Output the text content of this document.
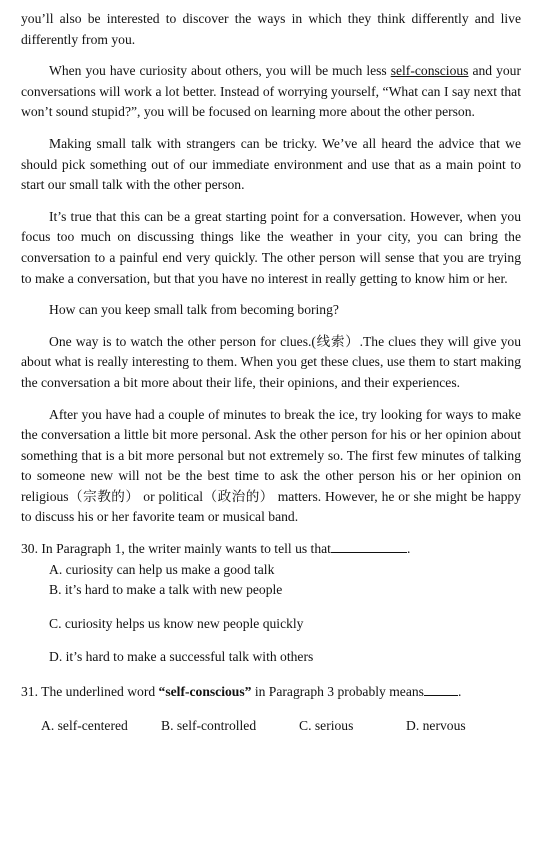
you’ll also be interested to discover the ways in which they think differently and live differently from you.

When you have curiosity about others, you will be much less self-conscious and your conversations will work a lot better. Instead of worrying yourself, “What can I say next that won’t sound stupid?”, you will be focused on learning more about the other person.

Making small talk with strangers can be tricky. We’ve all heard the advice that we should pick something out of our immediate environment and use that as a main point to start our small talk with the other person.

It’s true that this can be a great starting point for a conversation. However, when you focus too much on discussing things like the weather in your city, you can bring the conversation to a painful end very quickly. The other person will sense that you are trying to make a conversation, but that you have no interest in really getting to know him or her.

How can you keep small talk from becoming boring?

One way is to watch the other person for clues.(线索）.The clues they will give you about what is really interesting to them. When you get these clues, use them to start making the conversation a bit more about their life, their opinions, and their experiences.

After you have had a couple of minutes to break the ice, try looking for ways to make the conversation a little bit more personal. Ask the other person for his or her opinion about something that is a bit more personal but not extremely so. The first few minutes of talking to someone new will not be the best time to ask the other person his or her opinion on religious（宗教的） or political（政治的） matters. However, he or she might be happy to discuss his or her favorite team or musical band.

30. In Paragraph 1, the writer mainly wants to tell us that	.

A. curiosity can help us make a good talk

B. it’s hard to make a talk with new people

C. curiosity helps us know new people quickly

D. it’s hard to make a successful talk with others

31. The underlined word “self-conscious” in Paragraph 3 probably means	.

A. self-centered	B. self-controlled	C. serious	D. nervous
